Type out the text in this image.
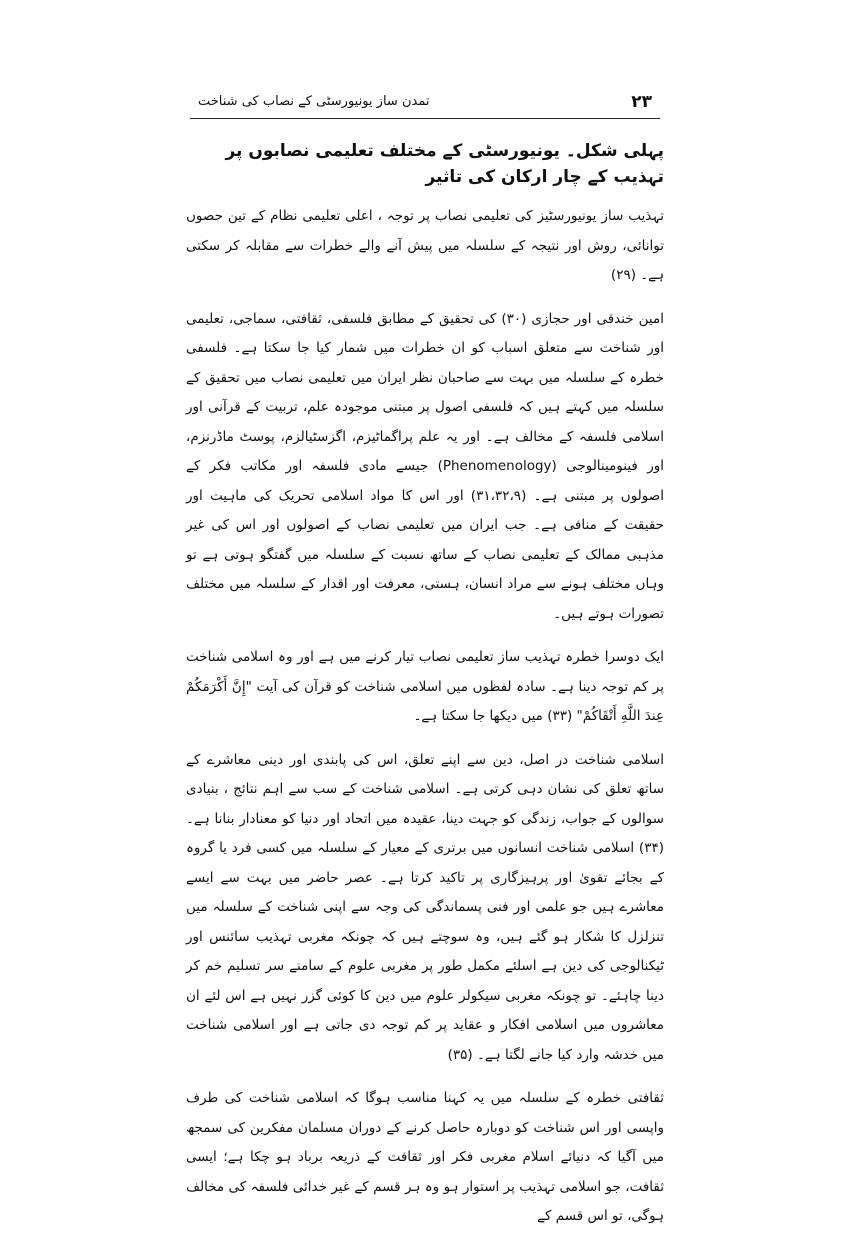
۲۳
تمدن ساز یونیورسٹی کے نصاب کی شناخت
پہلی شکل۔ یونیورسٹی کے مختلف تعلیمی نصابوں پر تہذیب کے چار ارکان کی تاثیر

تہذیب ساز یونیورسٹیز کی تعلیمی نصاب پر توجہ ، اعلی تعلیمی نظام کے تین حصوں توانائی، روش اور نتیجہ کے سلسلہ میں پیش آنے والے خطرات سے مقابلہ کر سکتی ہے۔ (۲۹)

امین خندقی اور حجازی (۳۰) کی تحقیق کے مطابق فلسفی، ثقافتی، سماجی، تعلیمی اور شناخت سے متعلق اسباب کو ان خطرات میں شمار کیا جا سکتا ہے۔ فلسفی خطرہ کے سلسلہ میں بہت سے صاحبان نظر ایران میں تعلیمی نصاب میں تحقیق کے سلسلہ میں کہتے ہیں کہ فلسفی اصول پر مبتنی موجودہ علم، تربیت کے قرآنی اور اسلامی فلسفہ کے مخالف ہے۔ اور یہ علم پراگماٹیزم، اگزسٹیالزم، پوسٹ ماڈرنزم، اور فینومینالوجی (Phenomenology) جیسے مادی فلسفہ اور مکاتب فکر کے اصولوں پر مبتنی ہے۔ (۳۱،۳۲،۹) اور اس کا مواد اسلامی تحریک کی ماہیت اور حقیقت کے منافی ہے۔ جب ایران میں تعلیمی نصاب کے اصولوں اور اس کی غیر مذہبی ممالک کے تعلیمی نصاب کے ساتھ نسبت کے سلسلہ میں گفتگو ہوتی ہے تو وہاں مختلف ہونے سے مراد انسان، ہستی، معرفت اور اقدار کے سلسلہ میں مختلف تصورات ہوتے ہیں۔

ایک دوسرا خطرہ تہذیب ساز تعلیمی نصاب تیار کرنے میں ہے اور وہ اسلامی شناخت پر کم توجہ دینا ہے۔ سادہ لفظوں میں اسلامی شناخت کو قرآن کی آیت "إِنَّ أَكْرَمَكُمْ عِندَ اللَّهِ أَتْقَاكُمْ" (۳۳) میں دیکھا جا سکتا ہے۔

اسلامی شناخت در اصل، دین سے اپنے تعلق، اس کی پابندی اور دینی معاشرے کے ساتھ تعلق کی نشان دہی کرتی ہے۔ اسلامی شناخت کے سب سے اہم نتائج ، بنیادی سوالوں کے جواب، زندگی کو جہت دینا، عقیدہ میں اتحاد اور دنیا کو معنادار بنانا ہے۔ (۳۴) اسلامی شناخت انسانوں میں برتری کے معیار کے سلسلہ میں کسی فرد یا گروہ کے بجائے تقویٰ اور پرہیزگاری پر تاکید کرتا ہے۔ عصر حاضر میں بہت سے ایسے معاشرے ہیں جو علمی اور فنی پسماندگی کی وجہ سے اپنی شناخت کے سلسلہ میں تنزلزل کا شکار ہو گئے ہیں، وہ سوچتے ہیں کہ چونکہ مغربی تہذیب سائنس اور ٹیکنالوجی کی دین ہے اسلئے مکمل طور پر مغربی علوم کے سامنے سر تسلیم خم کر دینا چاہئے۔ تو چونکہ مغربی سیکولر علوم میں دین کا کوئی گزر نہیں ہے اس لئے ان معاشروں میں اسلامی افکار و عقاید پر کم توجہ دی جاتی ہے اور اسلامی شناخت میں خدشہ وارد کیا جانے لگتا ہے۔ (۳۵)

ثقافتی خطرہ کے سلسلہ میں یہ کہنا مناسب ہوگا کہ اسلامی شناخت کی طرف واپسی اور اس شناخت کو دوبارہ حاصل کرنے کے دوران مسلمان مفکرین کی سمجھ میں آگیا کہ دنیائے اسلام مغربی فکر اور ثقافت کے ذریعہ برباد ہو چکا ہے؛ ایسی ثقافت، جو اسلامی تہذیب پر استوار ہو وہ ہر قسم کے غیر خدائی فلسفہ کی مخالف ہوگی، تو اس قسم کے
